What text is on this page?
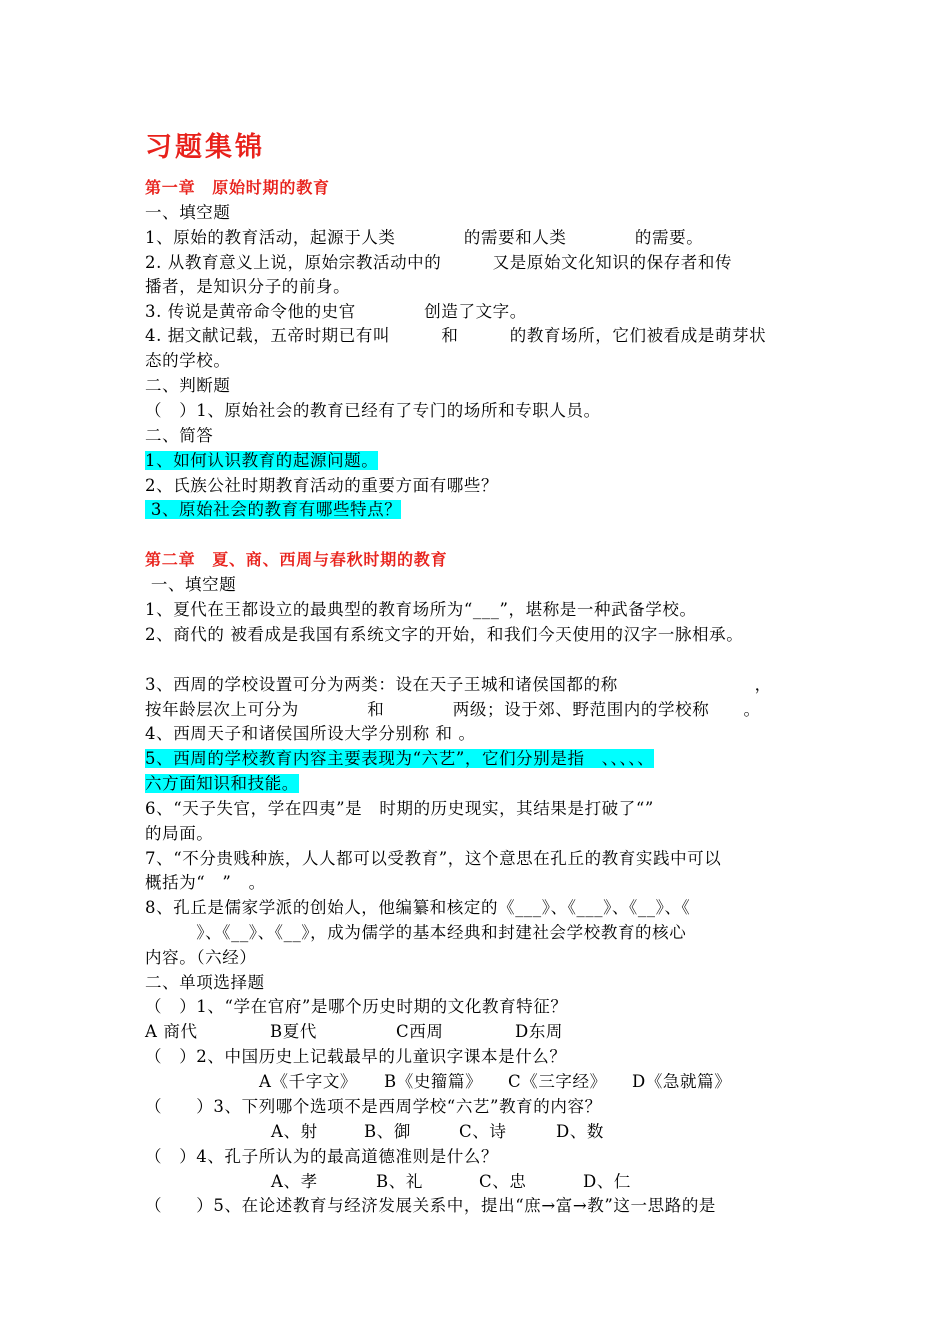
习题集锦
第一章　原始时期的教育
一、填空题
1、原始的教育活动，起源于人类　　　　的需要和人类　　　　的需要。
2. 从教育意义上说，原始宗教活动中的　　　又是原始文化知识的保存者和传
播者，是知识分子的前身。
3. 传说是黄帝命令他的史官　　　　创造了文字。
4. 据文献记载，五帝时期已有叫　　　和　　　的教育场所，它们被看成是萌芽状
态的学校。
二、判断题
（　）1、原始社会的教育已经有了专门的场所和专职人员。
二、简答
1、如何认识教育的起源问题。
2、氏族公社时期教育活动的重要方面有哪些？
3、原始社会的教育有哪些特点？
第二章　夏、商、西周与春秋时期的教育
一、填空题
1、夏代在王都设立的最典型的教育场所为“___”，堪称是一种武备学校。
2、商代的 被看成是我国有系统文字的开始，和我们今天使用的汉字一脉相承。
3、西周的学校设置可分为两类：设在天子王城和诸侯国都的称　　　　　　　　，
按年龄层次上可分为　　　　和　　　　两级；设于郊、野范围内的学校称　　。
4、西周天子和诸侯国所设大学分别称 和 。
5、西周的学校教育内容主要表现为“六艺”，它们分别是指　、、、、、
六方面知识和技能。
6、“天子失官，学在四夷”是　时期的历史现实，其结果是打破了“”
的局面。
7、“不分贵贱种族，人人都可以受教育”，这个意思在孔丘的教育实践中可以
概括为“　”　。
8、孔丘是儒家学派的创始人，他编纂和核定的《___》、《___》、《__》、《
　　　》、《__》、《__》，成为儒学的基本经典和封建社会学校教育的核心
内容。（六经）
二、单项选择题
（　）1、“学在官府”是哪个历史时期的文化教育特征？
A 商代	B夏代	C西周	D东周
（　）2、中国历史上记载最早的儿童识字课本是什么？
A《千字文》 B《史籀篇》 C《三字经》 D《急就篇》
（　　）3、下列哪个选项不是西周学校“六艺”教育的内容？
A、射	B、御	C、诗	D、数
（　）4、孔子所认为的最高道德准则是什么？
A、孝	B、礼	C、忠	D、仁
（　　）5、在论述教育与经济发展关系中，提出“庶→富→教”这一思路的是
